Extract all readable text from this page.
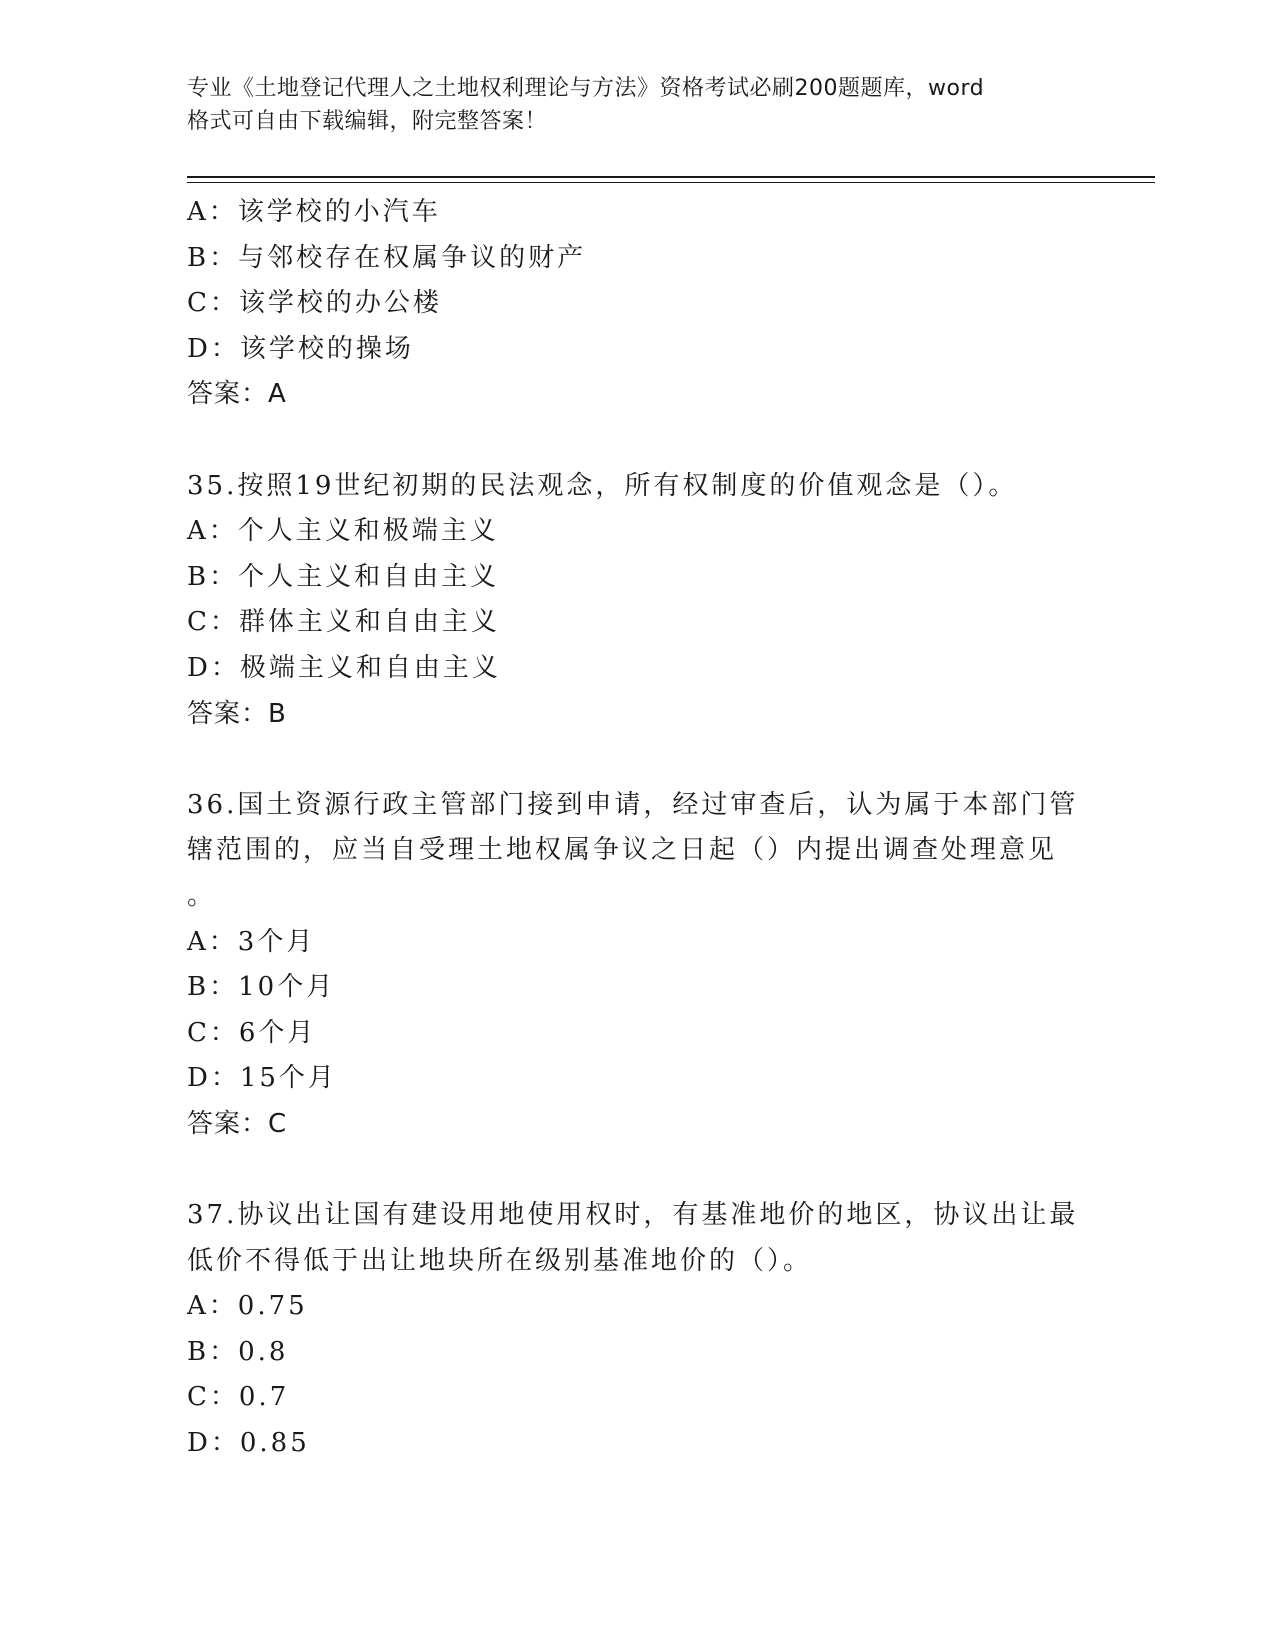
专业《土地登记代理人之土地权利理论与方法》资格考试必刷200题题库，word
格式可自由下载编辑，附完整答案！
A：该学校的小汽车
B：与邻校存在权属争议的财产
C：该学校的办公楼
D：该学校的操场
答案：A
35.按照19世纪初期的民法观念，所有权制度的价值观念是（）。
A：个人主义和极端主义
B：个人主义和自由主义
C：群体主义和自由主义
D：极端主义和自由主义
答案：B
36.国土资源行政主管部门接到申请，经过审查后，认为属于本部门管
辖范围的，应当自受理土地权属争议之日起（）内提出调查处理意见
。
A：3个月
B：10个月
C：6个月
D：15个月
答案：C
37.协议出让国有建设用地使用权时，有基准地价的地区，协议出让最
低价不得低于出让地块所在级别基准地价的（）。
A：0.75
B：0.8
C：0.7
D：0.85
